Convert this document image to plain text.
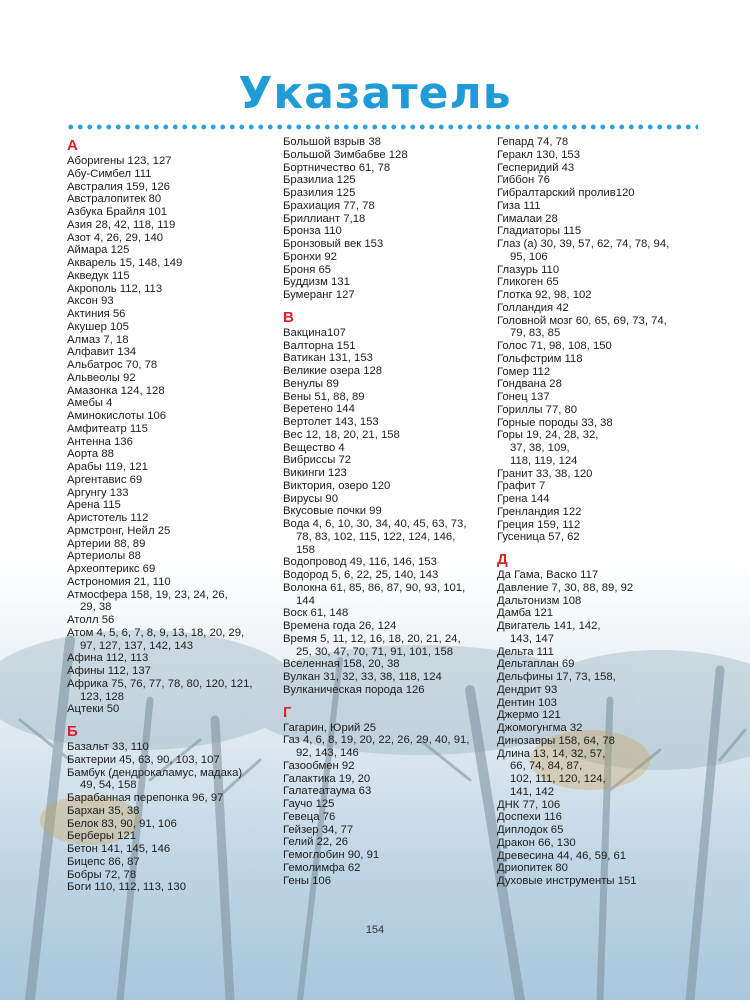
Указатель
А
Аборигены 123, 127
Абу-Симбел 111
Австралия 159, 126
Австралопитек 80
Азбука Брайля 101
Азия 28, 42, 118, 119
Азот 4, 26, 29, 140
Аймара 125
Акварель 15, 148, 149
Акведук 115
Акрополь 112, 113
Аксон 93
Актиния 56
Акушер 105
Алмаз 7, 18
Алфавит 134
Альбатрос 70, 78
Альвеолы 92
Амазонка 124, 128
Амебы 4
Аминокислоты 106
Амфитеатр 115
Антенна 136
Аорта 88
Арабы 119, 121
Аргентавис 69
Аргунгу 133
Арена 115
Аристотель 112
Армстронг, Нейл 25
Артерии 88, 89
Артериолы 88
Археоптерикс 69
Астрономия 21, 110
Атмосфера 158, 19, 23, 24, 26,
29, 38
Атолл 56
Атом 4, 5, 6, 7, 8, 9, 13, 18, 20, 29,
97, 127, 137, 142, 143
Афина 112, 113
Афины 112, 137
Африка 75, 76, 77, 78, 80, 120, 121,
123, 128
Ацтеки 50
Б
Базальт 33, 110
Бактерии 45, 63, 90, 103, 107
Бамбук (дендрокаламус, мадака)
49, 54, 158
Барабанная перепонка 96, 97
Бархан 35, 38
Белок 83, 90, 91, 106
Берберы 121
Бетон 141, 145, 146
Бицепс 86, 87
Бобры 72, 78
Боги 110, 112, 113, 130
Большой взрыв 38
Большой Зимбабве 128
Бортничество 61, 78
Бразилиа 125
Бразилия 125
Брахиация 77, 78
Бриллиант 7,18
Бронза 110
Бронзовый век 153
Бронхи 92
Броня 65
Буддизм 131
Бумеранг 127
В
Вакцина107
Валторна 151
Ватикан 131, 153
Великие озера 128
Венулы 89
Вены 51, 88, 89
Веретено 144
Вертолет 143, 153
Вес 12, 18, 20, 21, 158
Вещество 4
Вибриссы 72
Викинги 123
Виктория, озеро 120
Вирусы 90
Вкусовые почки 99
Вода 4, 6, 10, 30, 34, 40, 45, 63, 73,
78, 83, 102, 115, 122, 124, 146,
158
Водопровод 49, 116, 146, 153
Водород 5, 6, 22, 25, 140, 143
Волокна 61, 85, 86, 87, 90, 93, 101,
144
Воск 61, 148
Времена года 26, 124
Время 5, 11, 12, 16, 18, 20, 21, 24,
25, 30, 47, 70, 71, 91, 101, 158
Вселенная 158, 20, 38
Вулкан 31, 32, 33, 38, 118, 124
Вулканическая порода 126
Г
Гагарин, Юрий 25
Газ 4, 6, 8, 19, 20, 22, 26, 29, 40, 91,
92, 143, 146
Газообмен 92
Галактика 19, 20
Галатеатаума 63
Гаучо 125
Гевеца 76
Гейзер 34, 77
Гелий 22, 26
Гемоглобин 90, 91
Гемолимфа 62
Гены 106
Гепард 74, 78
Геракл 130, 153
Гесперидий 43
Гиббон 76
Гибралтарский пролив120
Гиза 111
Гималаи 28
Гладиаторы 115
Глаз (а) 30, 39, 57, 62, 74, 78, 94,
95, 106
Глазурь 110
Гликоген 65
Глотка 92, 98, 102
Голландия 42
Головной мозг 60, 65, 69, 73, 74,
79, 83, 85
Голос 71, 98, 108, 150
Гольфстрим 118
Гомер 112
Гондвана 28
Гонец 137
Гориллы 77, 80
Горные породы 33, 38
Горы 19, 24, 28, 32,
37, 38, 109,
118, 119, 124
Гранит 33, 38, 120
Графит 7
Грена 144
Гренландия 122
Греция 159, 112
Гусеница 57, 62
Д
Да Гама, Васко 117
Давление 7, 30, 88, 89, 92
Дальтонизм 108
Дамба 121
Двигатель 141, 142,
143, 147
Дельта 111
Дельтаплан 69
Дельфины 17, 73, 158,
Дендрит 93
Дентин 103
Джермо 121
Джомогунгма 32
Динозавры 158, 64, 78
Длина 13, 14, 32, 57,
66, 74, 84, 87,
102, 111, 120, 124,
141, 142
ДНК 77, 106
Доспехи 116
Диплодок 65
Дракон 66, 130
Древесина 44, 46, 59, 61
Дриопитек 80
Духовые инструменты 151
154
